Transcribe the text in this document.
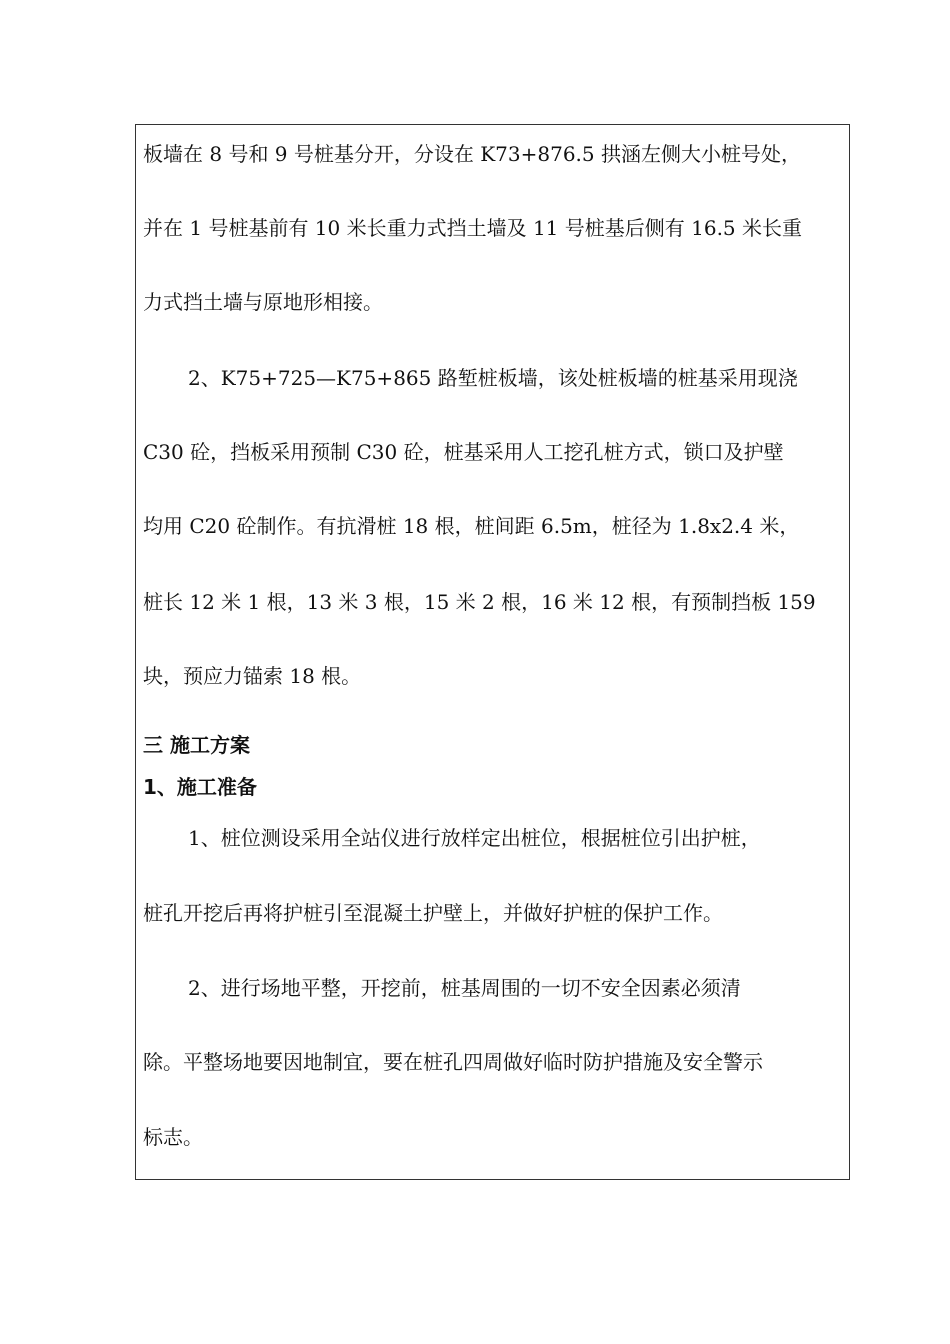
板墙在 8 号和 9 号桩基分开，分设在 K73+876.5 拱涵左侧大小桩号处，
并在 1 号桩基前有 10 米长重力式挡土墙及 11 号桩基后侧有 16.5 米长重
力式挡土墙与原地形相接。
2、K75+725—K75+865 路堑桩板墙，该处桩板墙的桩基采用现浇
C30 砼，挡板采用预制 C30 砼，桩基采用人工挖孔桩方式，锁口及护壁
均用 C20 砼制作。有抗滑桩 18 根，桩间距 6.5m，桩径为 1.8x2.4 米，
桩长 12 米 1 根，13 米 3 根，15 米 2 根，16 米 12 根，有预制挡板 159
块，预应力锚索 18 根。
三 施工方案
1、施工准备
1、桩位测设采用全站仪进行放样定出桩位，根据桩位引出护桩，
桩孔开挖后再将护桩引至混凝土护壁上，并做好护桩的保护工作。
2、进行场地平整，开挖前，桩基周围的一切不安全因素必须清
除。平整场地要因地制宜，要在桩孔四周做好临时防护措施及安全警示
标志。
